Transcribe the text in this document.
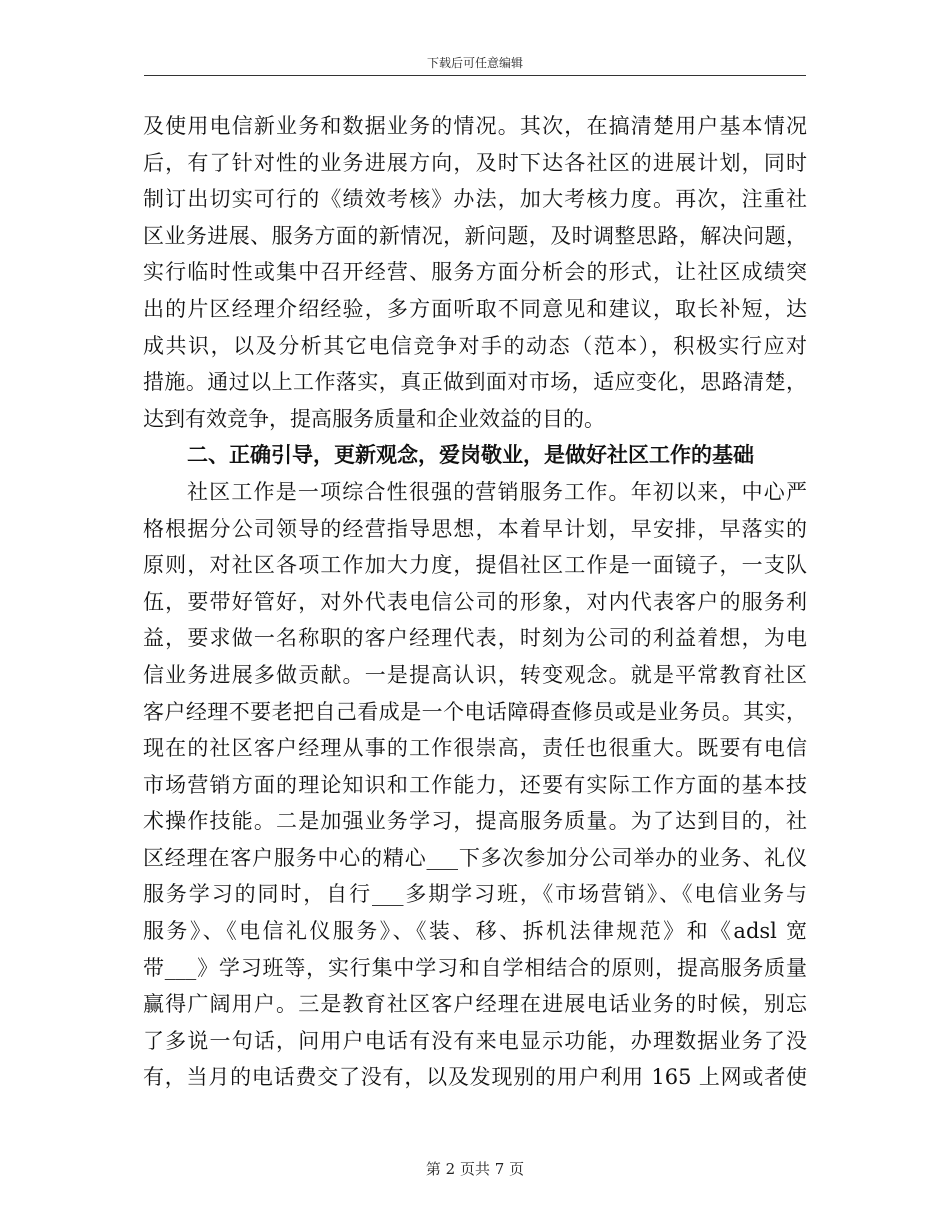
下载后可任意编辑
及使用电信新业务和数据业务的情况。其次，在搞清楚用户基本情况
后，有了针对性的业务进展方向，及时下达各社区的进展计划，同时
制订出切实可行的《绩效考核》办法，加大考核力度。再次，注重社
区业务进展、服务方面的新情况，新问题，及时调整思路，解决问题，
实行临时性或集中召开经营、服务方面分析会的形式，让社区成绩突
出的片区经理介绍经验，多方面听取不同意见和建议，取长补短，达
成共识，以及分析其它电信竞争对手的动态（范本），积极实行应对
措施。通过以上工作落实，真正做到面对市场，适应变化，思路清楚，
达到有效竞争，提高服务质量和企业效益的目的。
二、正确引导，更新观念，爱岗敬业，是做好社区工作的基础
社区工作是一项综合性很强的营销服务工作。年初以来，中心严
格根据分公司领导的经营指导思想，本着早计划，早安排，早落实的
原则，对社区各项工作加大力度，提倡社区工作是一面镜子，一支队
伍，要带好管好，对外代表电信公司的形象，对内代表客户的服务利
益，要求做一名称职的客户经理代表，时刻为公司的利益着想，为电
信业务进展多做贡献。一是提高认识，转变观念。就是平常教育社区
客户经理不要老把自己看成是一个电话障碍查修员或是业务员。其实，
现在的社区客户经理从事的工作很崇高，责任也很重大。既要有电信
市场营销方面的理论知识和工作能力，还要有实际工作方面的基本技
术操作技能。二是加强业务学习，提高服务质量。为了达到目的，社
区经理在客户服务中心的精心___下多次参加分公司举办的业务、礼仪
服务学习的同时，自行___多期学习班，《市场营销》、《电信业务与
服务》、《电信礼仪服务》、《装、移、拆机法律规范》和《adsl 宽
带___》学习班等，实行集中学习和自学相结合的原则，提高服务质量
赢得广阔用户。三是教育社区客户经理在进展电话业务的时候，别忘
了多说一句话，问用户电话有没有来电显示功能，办理数据业务了没
有，当月的电话费交了没有，以及发现别的用户利用 165 上网或者使
第 2 页共 7 页
